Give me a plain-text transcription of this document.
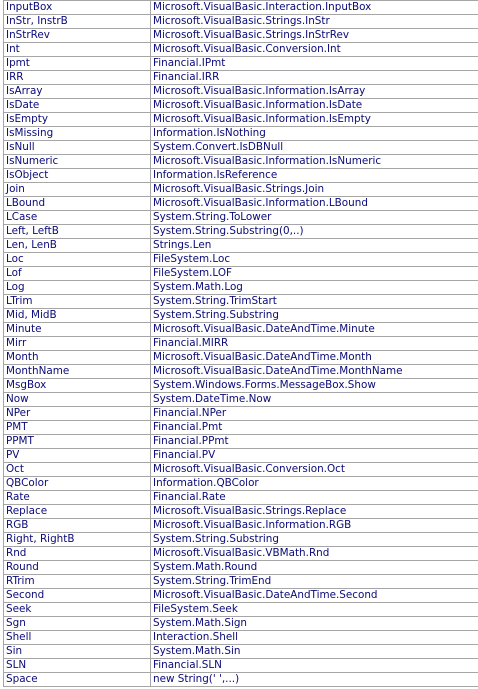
InputBox	Microsoft.VisualBasic.Interaction.InputBox
InStr, InstrB	Microsoft.VisualBasic.Strings.InStr
InStrRev	Microsoft.VisualBasic.Strings.InStrRev
Int	Microsoft.VisualBasic.Conversion.Int
Ipmt	Financial.IPmt
IRR	Financial.IRR
IsArray	Microsoft.VisualBasic.Information.IsArray
IsDate	Microsoft.VisualBasic.Information.IsDate
IsEmpty	Microsoft.VisualBasic.Information.IsEmpty
IsMissing	Information.IsNothing
IsNull	System.Convert.IsDBNull
IsNumeric	Microsoft.VisualBasic.Information.IsNumeric
IsObject	Information.IsReference
Join	Microsoft.VisualBasic.Strings.Join
LBound	Microsoft.VisualBasic.Information.LBound
LCase	System.String.ToLower
Left, LeftB	System.String.Substring(0,..)
Len, LenB	Strings.Len
Loc	FileSystem.Loc
Lof	FileSystem.LOF
Log	System.Math.Log
LTrim	System.String.TrimStart
Mid, MidB	System.String.Substring
Minute	Microsoft.VisualBasic.DateAndTime.Minute
Mirr	Financial.MIRR
Month	Microsoft.VisualBasic.DateAndTime.Month
MonthName	Microsoft.VisualBasic.DateAndTime.MonthName
MsgBox	System.Windows.Forms.MessageBox.Show
Now	System.DateTime.Now
NPer	Financial.NPer
PMT	Financial.Pmt
PPMT	Financial.PPmt
PV	Financial.PV
Oct	Microsoft.VisualBasic.Conversion.Oct
QBColor	Information.QBColor
Rate	Financial.Rate
Replace	Microsoft.VisualBasic.Strings.Replace
RGB	Microsoft.VisualBasic.Information.RGB
Right, RightB	System.String.Substring
Rnd	Microsoft.VisualBasic.VBMath.Rnd
Round	System.Math.Round
RTrim	System.String.TrimEnd
Second	Microsoft.VisualBasic.DateAndTime.Second
Seek	FileSystem.Seek
Sgn	System.Math.Sign
Shell	Interaction.Shell
Sin	System.Math.Sin
SLN	Financial.SLN
Space	new String(' ',...)
